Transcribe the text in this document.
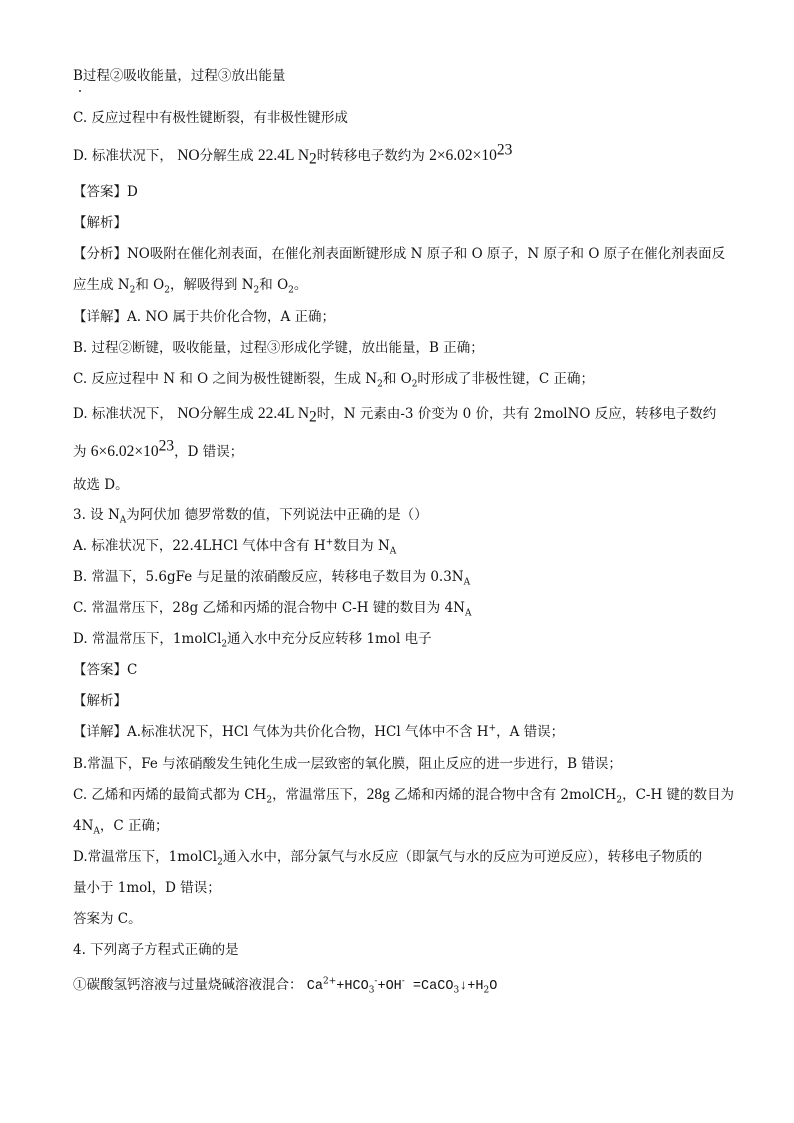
B过程②吸收能量，过程③放出能量
C. 反应过程中有极性键断裂，有非极性键形成
D. 标准状况下， NO分解生成 22.4L $N_2$时转移电子数约为 $2\times 6.02\times 10^{23}$
【答案】D
【解析】
【分析】NO吸附在催化剂表面，在催化剂表面断键形成 N 原子和 O 原子，N 原子和 O 原子在催化剂表面反
应生成 $N_2$和 $O_2$，解吸得到 $N_2$和 $O_2$。
【详解】A. NO 属于共价化合物，A 正确；
B. 过程②断键，吸收能量，过程③形成化学键，放出能量，B 正确；
C. 反应过程中 N 和 O 之间为极性键断裂，生成 $N_2$和 $O_2$时形成了非极性键，C 正确；
D. 标准状况下， NO分解生成 22.4L $N_2$时，N 元素由-3 价变为 0 价，共有 2molNO 反应，转移电子数约
为 $6\times 6.02\times 10^{23}$，D 错误；
故选 D。
3. 设 $N_A$为阿伏加 德罗常数的值，下列说法中正确的是（）
A. 标准状况下，22.4LHCl 气体中含有 H+数目为 $N_A$
B. 常温下，5.6gFe 与足量的浓硝酸反应，转移电子数目为 $0.3N_A$
C. 常温常压下，28g 乙烯和丙烯的混合物中 C-H 键的数目为 $4N_A$
D. 常温常压下，1molCl$_2$通入水中充分反应转移 1mol 电子
【答案】C
【解析】
【详解】A.标准状况下，HCl 气体为共价化合物，HCl 气体中不含 H+，A 错误；
B.常温下，Fe 与浓硝酸发生钝化生成一层致密的氧化膜，阻止反应的进一步进行，B 错误；
C. 乙烯和丙烯的最简式都为 $CH_2$，常温常压下，28g 乙烯和丙烯的混合物中含有 2molCH$_2$，C-H 键的数目为
$4N_A$，C 正确；
D.常温常压下，1molCl$_2$通入水中，部分氯气与水反应（即氯气与水的反应为可逆反应），转移电子物质的
量小于 1mol，D 错误；
答案为 C。
4. 下列离子方程式正确的是
①碳酸氢钙溶液与过量烧碱溶液混合： $Ca^{2+}+HCO_3^-+OH^-$ $=CaCO_3↓+H_2O$
